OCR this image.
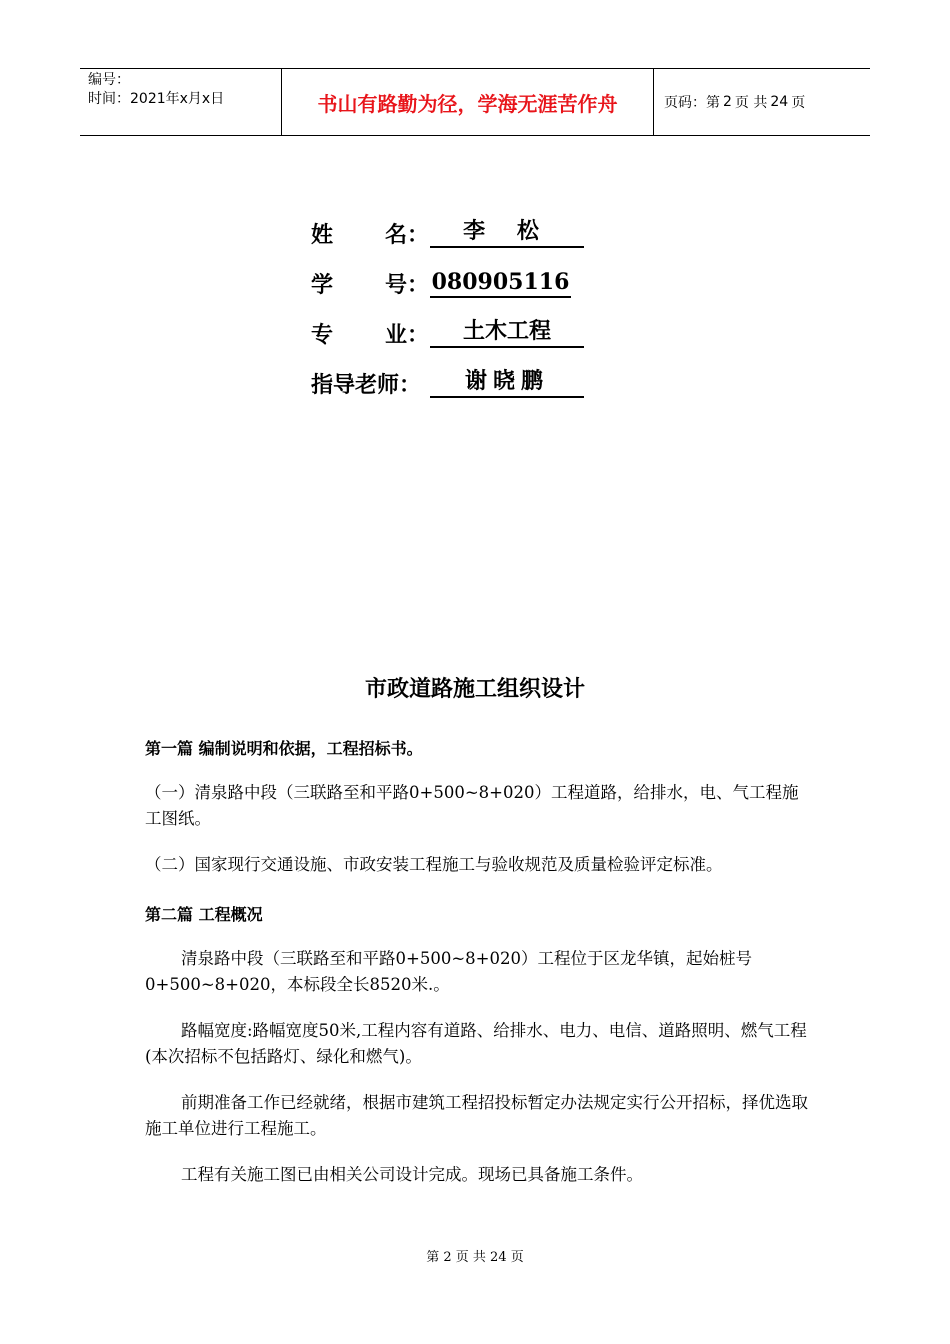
编号：
时间：2021年x月x日	书山有路勤为径，学海无涯苦作舟	页码：第 2 页 共 24 页
姓 名：	李 松
学 号： 080905116
专 业：	土木工程
指导老师：	谢晓鹏
市政道路施工组织设计
第一篇 编制说明和依据，工程招标书。
（一）清泉路中段（三联路至和平路0+500~8+020）工程道路，给排水，电、气工程施工图纸。
（二）国家现行交通设施、市政安装工程施工与验收规范及质量检验评定标准。
第二篇 工程概况
清泉路中段（三联路至和平路0+500~8+020）工程位于区龙华镇，起始桩号0+500~8+020，本标段全长8520米.。
路幅宽度:路幅宽度50米,工程内容有道路、给排水、电力、电信、道路照明、燃气工程(本次招标不包括路灯、绿化和燃气)。
前期准备工作已经就绪，根据市建筑工程招投标暂定办法规定实行公开招标，择优选取施工单位进行工程施工。
工程有关施工图已由相关公司设计完成。现场已具备施工条件。
第 2 页 共 24 页
